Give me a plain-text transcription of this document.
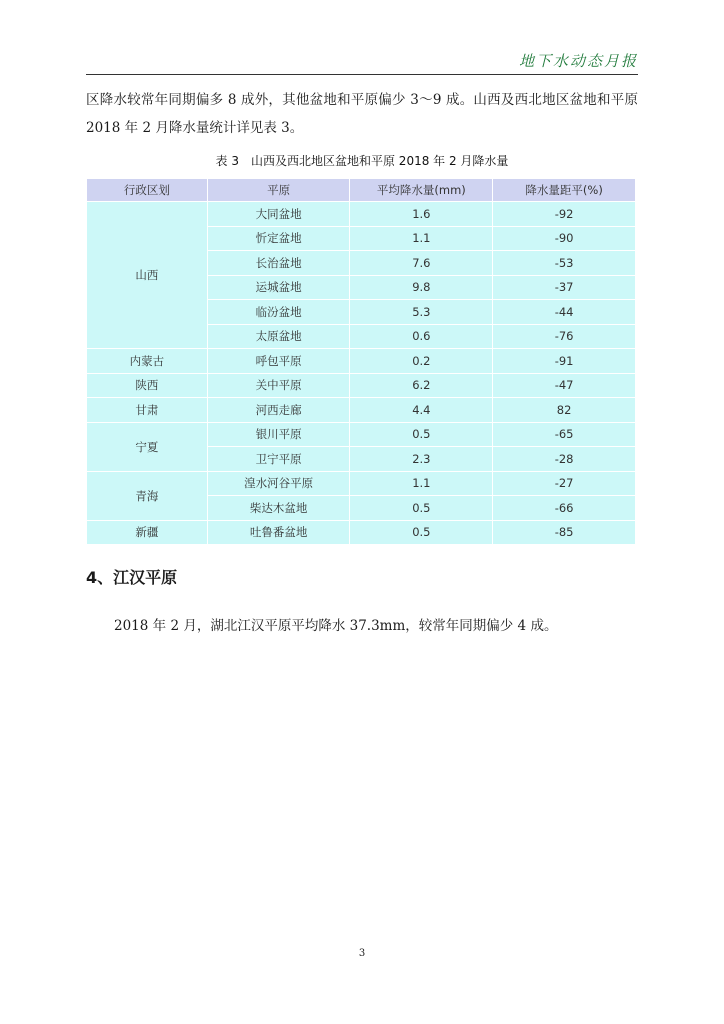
地下水动态月报
区降水较常年同期偏多 8 成外，其他盆地和平原偏少 3～9 成。山西及西北地区盆地和平原 2018 年 2 月降水量统计详见表 3。
表 3　山西及西北地区盆地和平原 2018 年 2 月降水量
行政区划	平原	平均降水量(mm)	降水量距平(%)
山西	大同盆地	1.6	-92
	忻定盆地	1.1	-90
	长治盆地	7.6	-53
	运城盆地	9.8	-37
	临汾盆地	5.3	-44
	太原盆地	0.6	-76
内蒙古	呼包平原	0.2	-91
陕西	关中平原	6.2	-47
甘肃	河西走廊	4.4	82
宁夏	银川平原	0.5	-65
	卫宁平原	2.3	-28
青海	湟水河谷平原	1.1	-27
	柴达木盆地	0.5	-66
新疆	吐鲁番盆地	0.5	-85
4、江汉平原
2018 年 2 月，湖北江汉平原平均降水 37.3mm，较常年同期偏少 4 成。
3
